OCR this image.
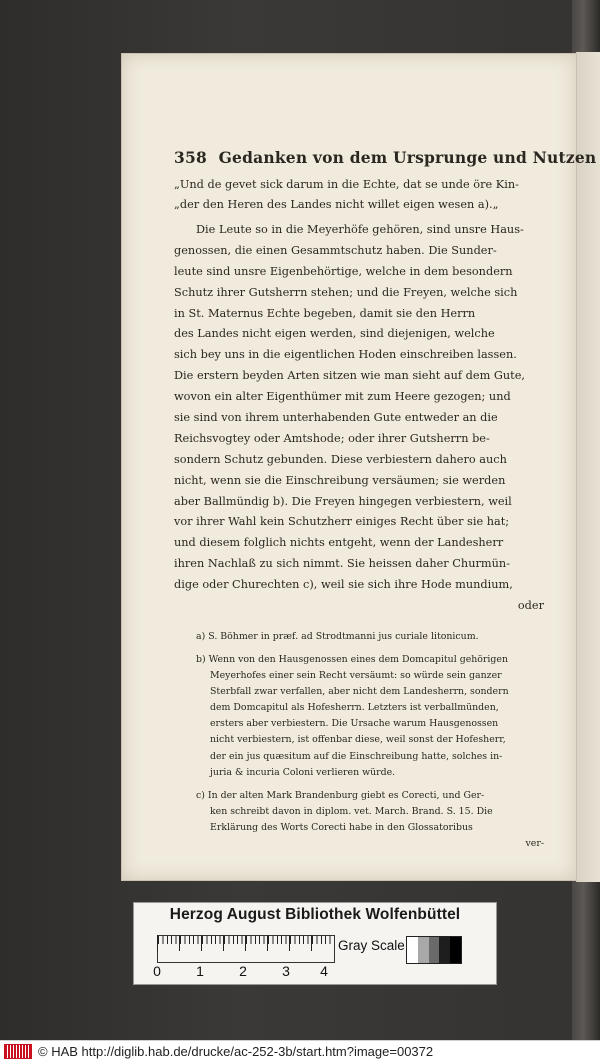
358 Gedanken von dem Ursprunge und Nutzen
„Und de gevet sick darum in die Echte, dat se unde öre Kin-
„der den Heren des Landes nicht willet eigen wesen a).„
Die Leute so in die Meyerhöfe gehören, sind unsre Haus-
genossen, die einen Gesammtschutz haben. Die Sunder-
leute sind unsre Eigenbehörtige, welche in dem besondern
Schutz ihrer Gutsherrn stehen; und die Freyen, welche sich
in St. Maternus Echte begeben, damit sie den Herrn
des Landes nicht eigen werden, sind diejenigen, welche
sich bey uns in die eigentlichen Hoden einschreiben lassen.
Die erstern beyden Arten sitzen wie man sieht auf dem Gute,
wovon ein alter Eigenthümer mit zum Heere gezogen; und
sie sind von ihrem unterhabenden Gute entweder an die
Reichsvogtey oder Amtshode; oder ihrer Gutsherrn be-
sondern Schutz gebunden. Diese verbiestern dahero auch
nicht, wenn sie die Einschreibung versäumen; sie werden
aber Ballmündig b). Die Freyen hingegen verbiestern, weil
vor ihrer Wahl kein Schutzherr einiges Recht über sie hat;
und diesem folglich nichts entgeht, wenn der Landesherr
ihren Nachlaß zu sich nimmt. Sie heissen daher Churmün-
dige oder Churechten c), weil sie sich ihre Hode mundium,
oder
a) S. Böhmer in præf. ad Strodtmanni jus curiale litonicum.
b) Wenn von den Hausgenossen eines dem Domcapitul gehörigen
Meyerhofes einer sein Recht versäumt: so würde sein ganzer
Sterbfall zwar verfallen, aber nicht dem Landesherrn, sondern
dem Domcapitul als Hofesherrn. Letzters ist verballmünden,
ersters aber verbiestern. Die Ursache warum Hausgenossen
nicht verbiestern, ist offenbar diese, weil sonst der Hofesherr,
der ein jus quæsitum auf die Einschreibung hatte, solches in-
juria & incuria Coloni verlieren würde.
c) In der alten Mark Brandenburg giebt es Corecti, und Ger-
ken schreibt davon in diplom. vet. March. Brand. S. 15. Die
Erklärung des Worts Corecti habe in den Glossatoribus
ver-
Herzog August Bibliothek Wolfenbüttel
0	1	2	3 4
Gray Scale
© HAB http://diglib.hab.de/drucke/ac-252-3b/start.htm?image=00372
